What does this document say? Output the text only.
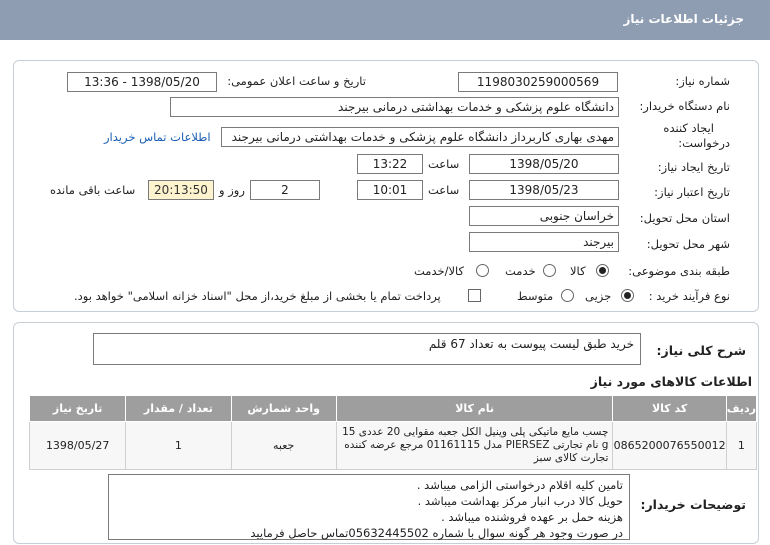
جزئیات اطلاعات نیاز
شماره نیاز:
1198030259000569
تاریخ و ساعت اعلان عمومی:
1398/05/20 - 13:36
نام دستگاه خریدار:
دانشگاه علوم پزشکی و خدمات بهداشتی درمانی بیرجند
ایجاد کننده
درخواست:
مهدی بهاری کاربرداز دانشگاه علوم پزشکی و خدمات بهداشتی درمانی بیرجند
اطلاعات تماس خریدار
تاریخ ایجاد نیاز:
1398/05/20
ساعت
13:22
تاریخ اعتبار نیاز:
1398/05/23
ساعت
10:01
2
روز و
20:13:50
ساعت باقی مانده
استان محل تحویل:
خراسان جنوبی
شهر محل تحویل:
بیرجند
طبقه بندی موضوعی:
کالا
خدمت
کالا/خدمت
نوع فرآیند خرید :
جزیی
متوسط
پرداخت تمام یا بخشی از مبلغ خرید،از محل "اسناد خزانه اسلامی" خواهد بود.
شرح کلی نیاز:
خرید طبق لیست پیوست به تعداد 67 قلم
اطلاعات کالاهای مورد نیاز
ردیف	کد کالا	نام کالا	واحد شمارش	تعداد / مقدار	تاریخ نیاز
1	0865200076550012	چسب مایع ماتیکی پلی وینیل الکل جعبه مقوایی 20 عددی 15 g نام تجارتی PIERSEZ مدل 01161115 مرجع عرضه کننده تجارت کالای سبز	جعبه	1	1398/05/27
توضیحات خریدار:
تامین کلیه اقلام درخواستی الزامی میباشد .
حویل کالا درب انبار مرکز بهداشت میباشد .
هزینه حمل بر عهده فروشنده میباشد .
در صورت وجود هر گونه سوال با شماره 05632445502تماس حاصل فرمایید
